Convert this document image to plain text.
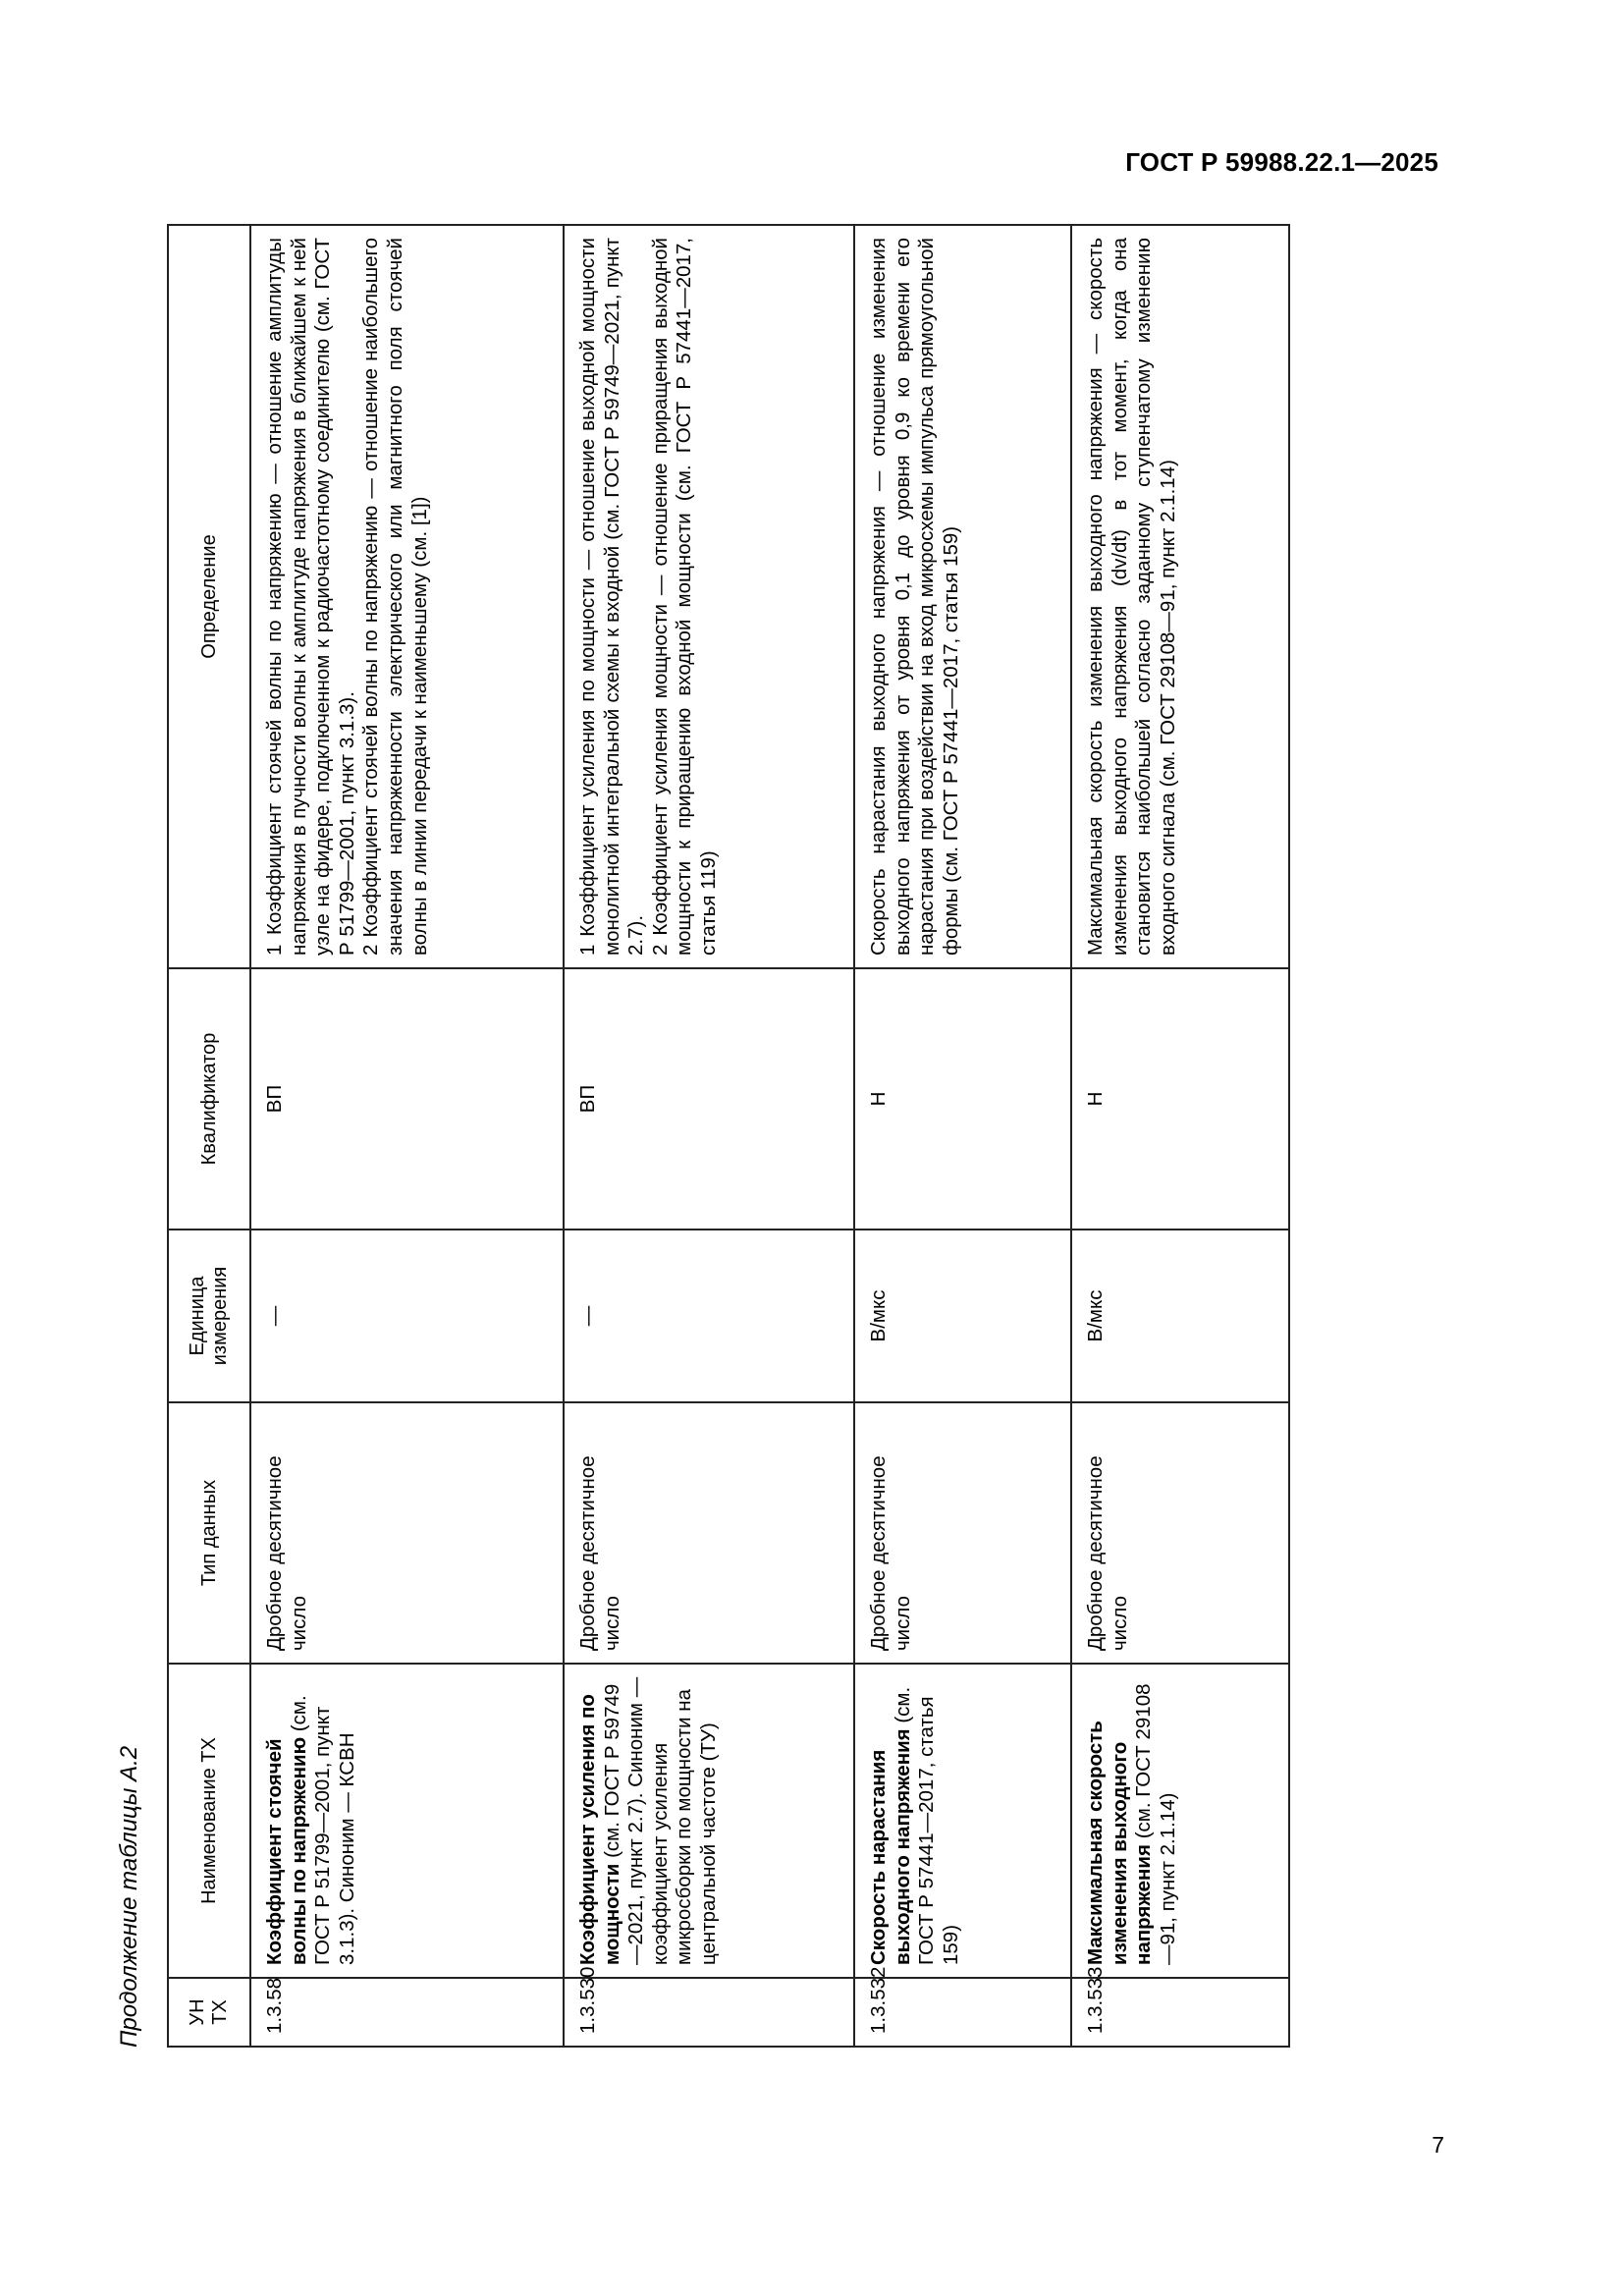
ГОСТ Р 59988.22.1—2025
Продолжение таблицы А.2	УН ТХ	Наименование ТХ	Тип данных	Единица измерения	Квалификатор	Определение
1.3.58	Коэффициент стоячей волны по напряжению (см. ГОСТ Р 51799—2001, пункт 3.1.3). Синоним — КСВН	Дробное десятичное число	—	ВП	1 Коэффициент стоячей волны по напряжению — отношение амплитуды напряжения в пучности волны к амплитуде напряжения в ближайшем к ней узле на фидере, подключенном к радиочастотному соединителю (см. ГОСТ Р 51799—2001, пункт 3.1.3). 2 Коэффициент стоячей волны по напряжению — отношение наибольшего значения напряженности электрического или магнитного поля стоячей волны в линии передачи к наименьшему (см. [1])

1.3.530	Коэффициент усиления по мощности (см. ГОСТ Р 59749—2021, пункт 2.7). Синоним — коэффициент усиления микросборки по мощности на центральной частоте (ТУ)	Дробное десятичное число	—	ВП	1 Коэффициент усиления по мощности — отношение выходной мощности монолитной интегральной схемы к входной (см. ГОСТ Р 59749—2021, пункт 2.7). 2 Коэффициент усиления мощности — отношение приращения выходной мощности к приращению входной мощности (см. ГОСТ Р 57441—2017, статья 119)

1.3.532	Скорость нарастания выходного напряжения (см. ГОСТ Р 57441—2017, статья 159)	Дробное десятичное число	В/мкс	Н	Скорость нарастания выходного напряжения — отношение изменения выходного напряжения от уровня 0,1 до уровня 0,9 ко времени его нарастания при воздействии на вход микросхемы импульса прямоугольной формы (см. ГОСТ Р 57441—2017, статья 159)

1.3.533	Максимальная скорость изменения выходного напряжения (см. ГОСТ 29108—91, пункт 2.1.14)	Дробное десятичное число	В/мкс	Н	Максимальная скорость изменения выходного напряжения — скорость изменения выходного напряжения (dv/dt) в тот момент, когда она становится наибольшей согласно заданному ступенчатому изменению входного сигнала (см. ГОСТ 29108—91, пункт 2.1.14)

7
